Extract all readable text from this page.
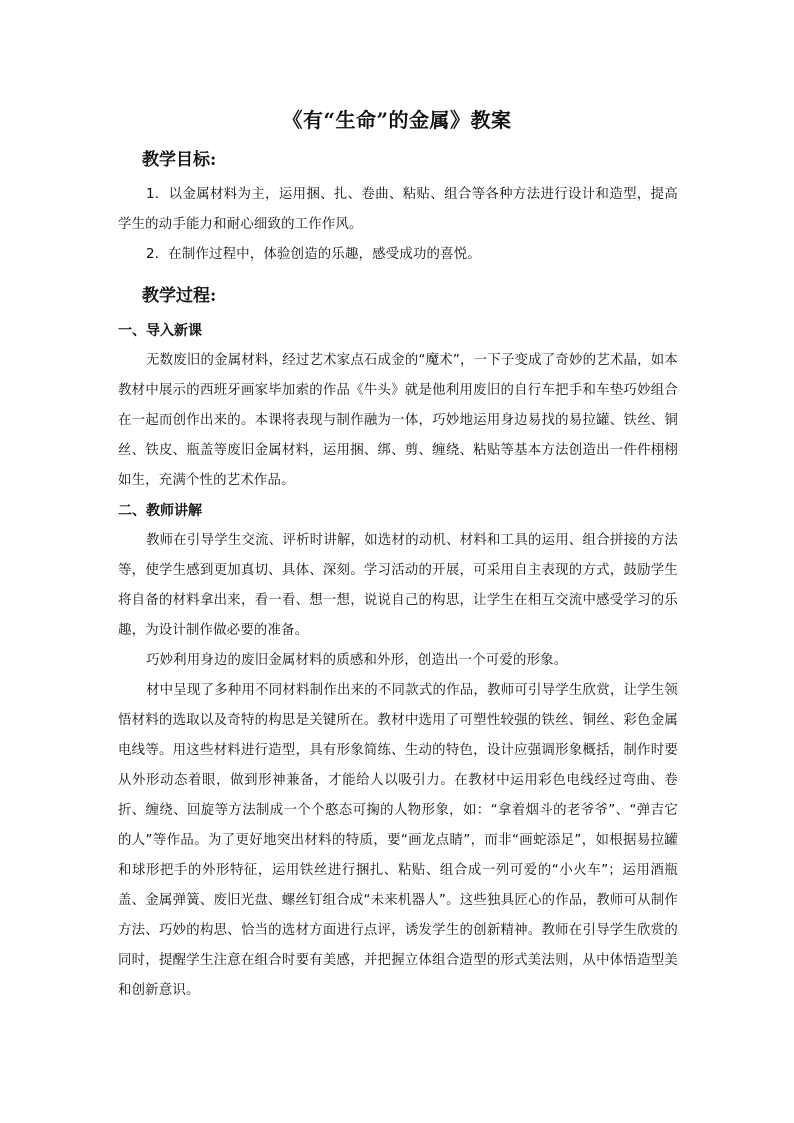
《有“生命”的金属》教案
教学目标:

1．以金属材料为主，运用捆、扎、卷曲、粘贴、组合等各种方法进行设计和造型，提高学生的动手能力和耐心细致的工作作风。

2．在制作过程中，体验创造的乐趣，感受成功的喜悦。

教学过程:
一、导入新课

无数废旧的金属材料，经过艺术家点石成金的“魔术”，一下子变成了奇妙的艺术晶，如本教材中展示的西班牙画家毕加索的作品《牛头》就是他利用废旧的自行车把手和车垫巧妙组合在一起而创作出来的。本课将表现与制作融为一体，巧妙地运用身边易找的易拉罐、铁丝、铜丝、铁皮、瓶盖等废旧金属材料，运用捆、绑、剪、缠绕、粘贴等基本方法创造出一件件栩栩如生，充满个性的艺术作品。

二、教师讲解

教师在引导学生交流、评析时讲解，如选材的动机、材料和工具的运用、组合拼接的方法等，使学生感到更加真切、具体、深刻。学习活动的开展，可采用自主表现的方式，鼓励学生将自备的材料拿出来，看一看、想一想，说说自己的构思，让学生在相互交流中感受学习的乐趣，为设计制作做必要的准备。

巧妙利用身边的废旧金属材料的质感和外形，创造出一个可爱的形象。

材中呈现了多种用不同材料制作出来的不同款式的作品，教师可引导学生欣赏，让学生领悟材料的选取以及奇特的构思是关键所在。教材中选用了可塑性较强的铁丝、铜丝、彩色金属电线等。用这些材料进行造型，具有形象简练、生动的特色，设计应强调形象概括，制作时要从外形动态着眼，做到形神兼备，才能给人以吸引力。在教材中运用彩色电线经过弯曲、卷折、缠绕、回旋等方法制成一个个憨态可掬的人物形象，如：“拿着烟斗的老爷爷”、“弹吉它的人”等作品。为了更好地突出材料的特质，要“画龙点睛”，而非“画蛇添足”，如根据易拉罐和球形把手的外形特征，运用铁丝进行捆扎、粘贴、组合成一列可爱的“小火车”；运用酒瓶盖、金属弹簧、废旧光盘、螺丝钉组合成“未来机器人”。这些独具匠心的作品，教师可从制作方法、巧妙的构思、恰当的选材方面进行点评，诱发学生的创新精神。教师在引导学生欣赏的同时，提醒学生注意在组合时要有美感，并把握立体组合造型的形式美法则，从中体悟造型美和创新意识。
